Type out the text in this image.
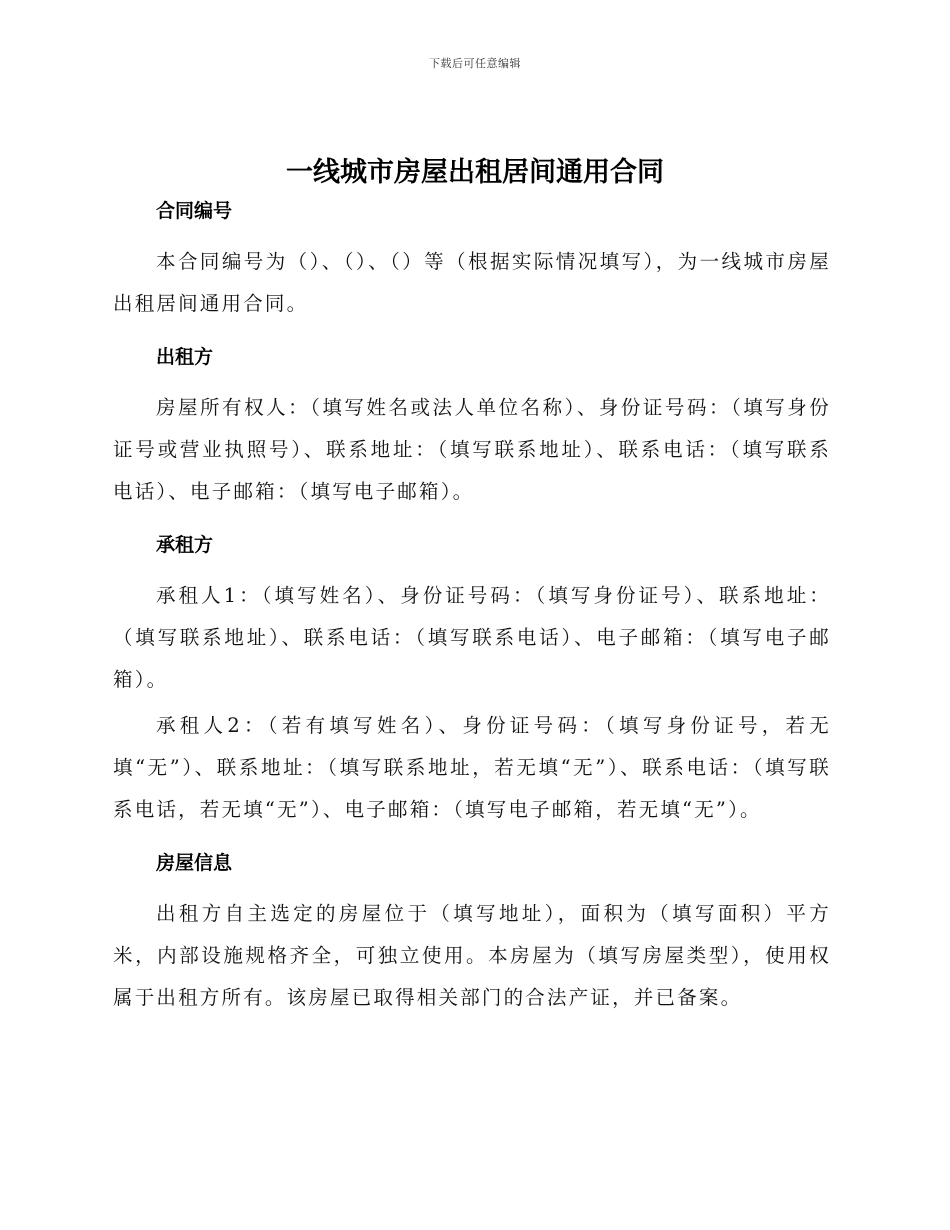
下载后可任意编辑
一线城市房屋出租居间通用合同
合同编号

本合同编号为（）、（）、（）等（根据实际情况填写），为一线城市房屋出租居间通用合同。

出租方

房屋所有权人：（填写姓名或法人单位名称）、身份证号码：（填写身份证号或营业执照号）、联系地址：（填写联系地址）、联系电话：（填写联系电话）、电子邮箱：（填写电子邮箱）。

承租方

承租人1：（填写姓名）、身份证号码：（填写身份证号）、联系地址：（填写联系地址）、联系电话：（填写联系电话）、电子邮箱：（填写电子邮箱）。

承租人2：（若有填写姓名）、身份证号码：（填写身份证号，若无填“无”）、联系地址：（填写联系地址，若无填“无”）、联系电话：（填写联系电话，若无填“无”）、电子邮箱：（填写电子邮箱，若无填“无”）。

房屋信息

出租方自主选定的房屋位于（填写地址），面积为（填写面积）平方米，内部设施规格齐全，可独立使用。本房屋为（填写房屋类型），使用权属于出租方所有。该房屋已取得相关部门的合法产证，并已备案。
